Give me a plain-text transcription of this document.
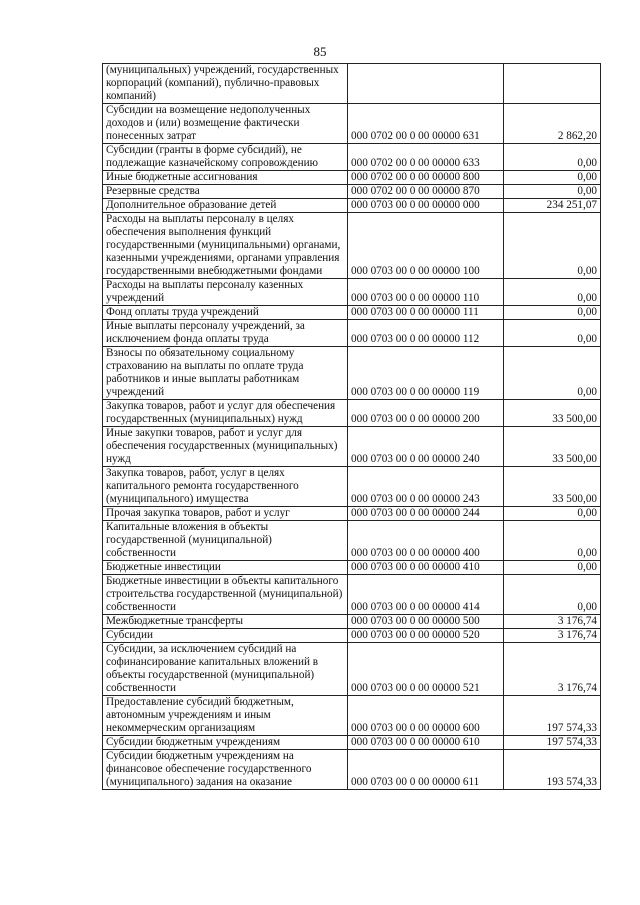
85
(муниципальных) учреждений, государственных корпораций (компаний), публично-правовых компаний)		
Субсидии на возмещение недополученных доходов и (или) возмещение фактически понесенных затрат	000 0702 00 0 00 00000 631	2 862,20
Субсидии (гранты в форме субсидий), не подлежащие казначейскому сопровождению	000 0702 00 0 00 00000 633	0,00
Иные бюджетные ассигнования	000 0702 00 0 00 00000 800	0,00
Резервные средства	000 0702 00 0 00 00000 870	0,00
Дополнительное образование детей	000 0703 00 0 00 00000 000	234 251,07
Расходы на выплаты персоналу в целях обеспечения выполнения функций государственными (муниципальными) органами, казенными учреждениями, органами управления государственными внебюджетными фондами	000 0703 00 0 00 00000 100	0,00
Расходы на выплаты персоналу казенных учреждений	000 0703 00 0 00 00000 110	0,00
Фонд оплаты труда учреждений	000 0703 00 0 00 00000 111	0,00
Иные выплаты персоналу учреждений, за исключением фонда оплаты труда	000 0703 00 0 00 00000 112	0,00
Взносы по обязательному социальному страхованию на выплаты по оплате труда работников и иные выплаты работникам учреждений	000 0703 00 0 00 00000 119	0,00
Закупка товаров, работ и услуг для обеспечения государственных (муниципальных) нужд	000 0703 00 0 00 00000 200	33 500,00
Иные закупки товаров, работ и услуг для обеспечения государственных (муниципальных) нужд	000 0703 00 0 00 00000 240	33 500,00
Закупка товаров, работ, услуг в целях капитального ремонта государственного (муниципального) имущества	000 0703 00 0 00 00000 243	33 500,00
Прочая закупка товаров, работ и услуг	000 0703 00 0 00 00000 244	0,00
Капитальные вложения в объекты государственной (муниципальной) собственности	000 0703 00 0 00 00000 400	0,00
Бюджетные инвестиции	000 0703 00 0 00 00000 410	0,00
Бюджетные инвестиции в объекты капитального строительства государственной (муниципальной) собственности	000 0703 00 0 00 00000 414	0,00
Межбюджетные трансферты	000 0703 00 0 00 00000 500	3 176,74
Субсидии	000 0703 00 0 00 00000 520	3 176,74
Субсидии, за исключением субсидий на софинансирование капитальных вложений в объекты государственной (муниципальной) собственности	000 0703 00 0 00 00000 521	3 176,74
Предоставление субсидий бюджетным, автономным учреждениям и иным некоммерческим организациям	000 0703 00 0 00 00000 600	197 574,33
Субсидии бюджетным учреждениям	000 0703 00 0 00 00000 610	197 574,33
Субсидии бюджетным учреждениям на финансовое обеспечение государственного (муниципального) задания на оказание	000 0703 00 0 00 00000 611	193 574,33
